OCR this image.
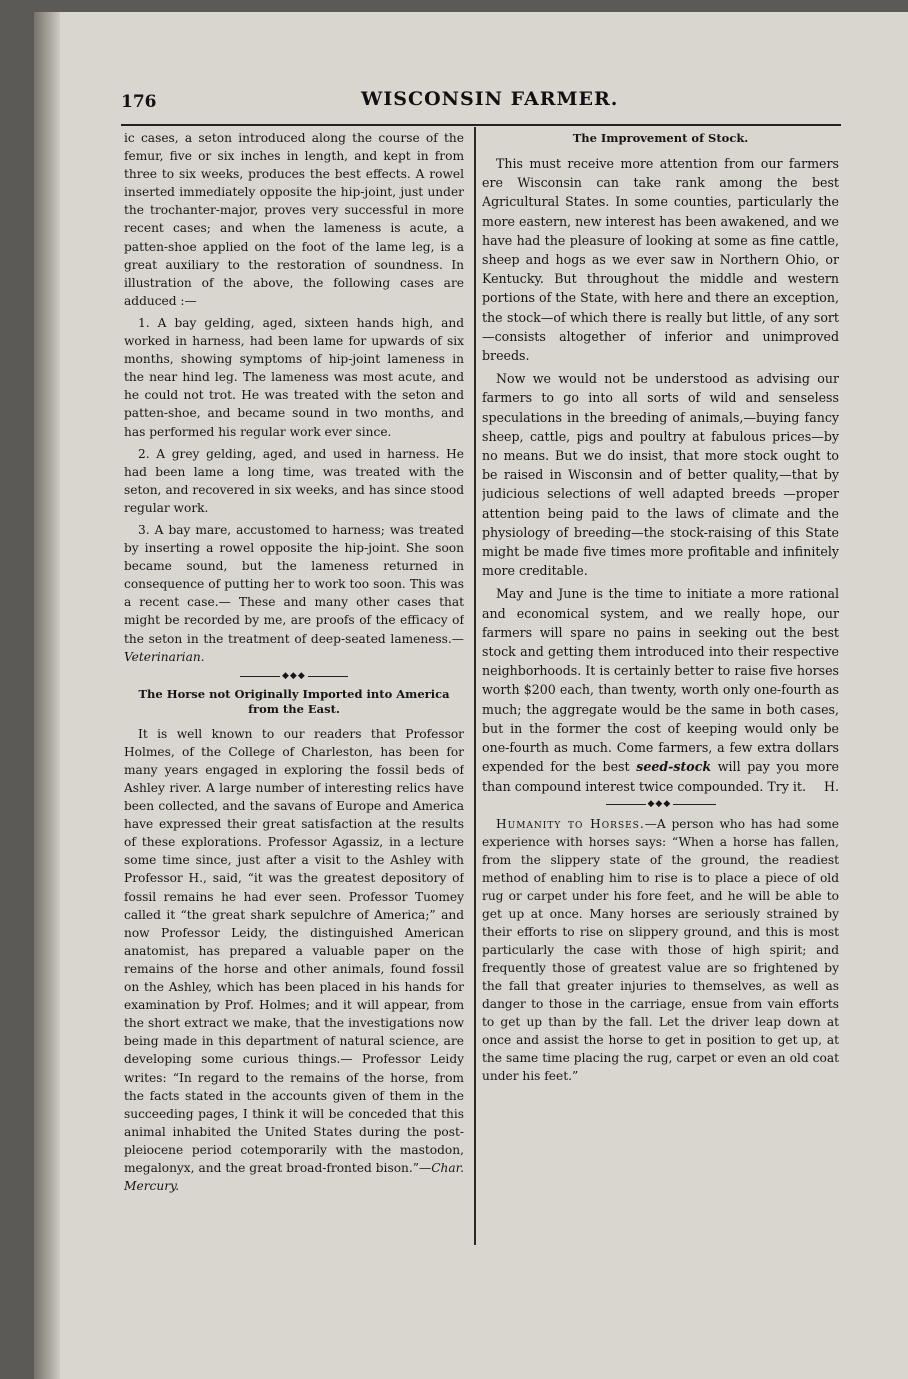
176	WISCONSIN FARMER.

ic cases, a seton introduced along the course of the femur, five or six inches in length, and kept in from three to six weeks, produces the best effects. A rowel inserted immediately opposite the hip-joint, just under the trochanter-major, proves very successful in more recent cases; and when the lameness is acute, a patten-shoe applied on the foot of the lame leg, is a great auxiliary to the restoration of soundness. In illustration of the above, the following cases are adduced :—

1. A bay gelding, aged, sixteen hands high, and worked in harness, had been lame for upwards of six months, showing symptoms of hip-joint lameness in the near hind leg. The lameness was most acute, and he could not trot. He was treated with the seton and patten-shoe, and became sound in two months, and has performed his regular work ever since.

2. A grey gelding, aged, and used in harness. He had been lame a long time, was treated with the seton, and recovered in six weeks, and has since stood regular work.

3. A bay mare, accustomed to harness; was treated by inserting a rowel opposite the hip-joint. She soon became sound, but the lameness returned in consequence of putting her to work too soon. This was a recent case.— These and many other cases that might be recorded by me, are proofs of the efficacy of the seton in the treatment of deep-seated lameness.—Veterinarian.

◆◆◆
The Horse not Originally Imported into America from the East.

It is well known to our readers that Professor Holmes, of the College of Charleston, has been for many years engaged in exploring the fossil beds of Ashley river. A large number of interesting relics have been collected, and the savans of Europe and America have expressed their great satisfaction at the results of these explorations. Professor Agassiz, in a lecture some time since, just after a visit to the Ashley with Professor H., said, “it was the greatest depository of fossil remains he had ever seen. Professor Tuomey called it “the great shark sepulchre of America;” and now Professor Leidy, the distinguished American anatomist, has prepared a valuable paper on the remains of the horse and other animals, found fossil on the Ashley, which has been placed in his hands for examination by Prof. Holmes; and it will appear, from the short extract we make, that the investigations now being made in this department of natural science, are developing some curious things.— Professor Leidy writes: “In regard to the remains of the horse, from the facts stated in the accounts given of them in the succeeding pages, I think it will be conceded that this animal inhabited the United States during the post-pleiocene period cotemporarily with the mastodon, megalonyx, and the great broad-fronted bison.”—Char. Mercury.

The Improvement of Stock.

This must receive more attention from our farmers ere Wisconsin can take rank among the best Agricultural States. In some counties, particularly the more eastern, new interest has been awakened, and we have had the pleasure of looking at some as fine cattle, sheep and hogs as we ever saw in Northern Ohio, or Kentucky. But throughout the middle and western portions of the State, with here and there an exception, the stock—of which there is really but little, of any sort—consists altogether of inferior and unimproved breeds.

Now we would not be understood as advising our farmers to go into all sorts of wild and senseless speculations in the breeding of animals,—buying fancy sheep, cattle, pigs and poultry at fabulous prices—by no means. But we do insist, that more stock ought to be raised in Wisconsin and of better quality,—that by judicious selections of well adapted breeds —proper attention being paid to the laws of climate and the physiology of breeding—the stock-raising of this State might be made five times more profitable and infinitely more creditable.

May and June is the time to initiate a more rational and economical system, and we really hope, our farmers will spare no pains in seeking out the best stock and getting them introduced into their respective neighborhoods. It is certainly better to raise five horses worth $200 each, than twenty, worth only one-fourth as much; the aggregate would be the same in both cases, but in the former the cost of keeping would only be one-fourth as much. Come farmers, a few extra dollars expended for the best seed-stock will pay you more than compound interest twice compounded. Try it.	H.

◆◆◆

Humanity to Horses.—A person who has had some experience with horses says: “When a horse has fallen, from the slippery state of the ground, the readiest method of enabling him to rise is to place a piece of old rug or carpet under his fore feet, and he will be able to get up at once. Many horses are seriously strained by their efforts to rise on slippery ground, and this is most particularly the case with those of high spirit; and frequently those of greatest value are so frightened by the fall that greater injuries to themselves, as well as danger to those in the carriage, ensue from vain efforts to get up than by the fall. Let the driver leap down at once and assist the horse to get in position to get up, at the same time placing the rug, carpet or even an old coat under his feet.”
